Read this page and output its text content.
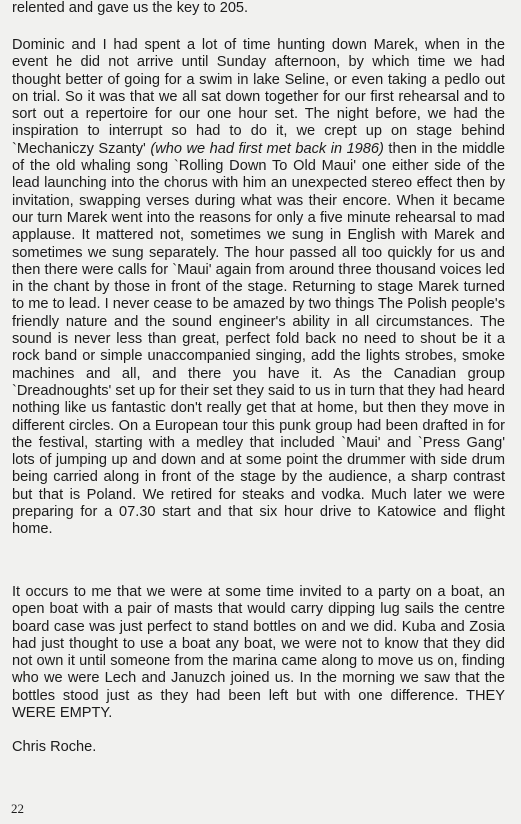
relented and gave us the key to 205.

Dominic and I had spent a lot of time hunting down Marek, when in the event he did not arrive until Sunday afternoon, by which time we had thought better of going for a swim in lake Seline, or even taking a pedlo out on trial. So it was that we all sat down together for our first rehearsal and to sort out a repertoire for our one hour set. The night before, we had the inspiration to interrupt so had to do it, we crept up on stage behind `Mechaniczy Szanty' (who we had first met back in 1986) then in the middle of the old whaling song `Rolling Down To Old Maui' one either side of the lead launching into the chorus with him an unexpected stereo effect then by invitation, swapping verses during what was their encore. When it became our turn Marek went into the reasons for only a five minute rehearsal to mad applause. It mattered not, sometimes we sung in English with Marek and sometimes we sung separately. The hour passed all too quickly for us and then there were calls for `Maui' again from around three thousand voices led in the chant by those in front of the stage. Returning to stage Marek turned to me to lead. I never cease to be amazed by two things The Polish people's friendly nature and the sound engineer's ability in all circumstances. The sound is never less than great, perfect fold back no need to shout be it a rock band or simple unaccompanied singing, add the lights strobes, smoke machines and all, and there you have it. As the Canadian group `Dreadnoughts' set up for their set they said to us in turn that they had heard nothing like us fantastic don't really get that at home, but then they move in different circles. On a European tour this punk group had been drafted in for the festival, starting with a medley that included `Maui' and `Press Gang' lots of jumping up and down and at some point the drummer with side drum being carried along in front of the stage by the audience, a sharp contrast but that is Poland. We retired for steaks and vodka. Much later we were preparing for a 07.30 start and that six hour drive to Katowice and flight home.

It occurs to me that we were at some time invited to a party on a boat, an open boat with a pair of masts that would carry dipping lug sails the centre board case was just perfect to stand bottles on and we did. Kuba and Zosia had just thought to use a boat any boat, we were not to know that they did not own it until someone from the marina came along to move us on, finding who we were Lech and Januzch joined us. In the morning we saw that the bottles stood just as they had been left but with one difference. THEY WERE EMPTY.

Chris Roche.

22
